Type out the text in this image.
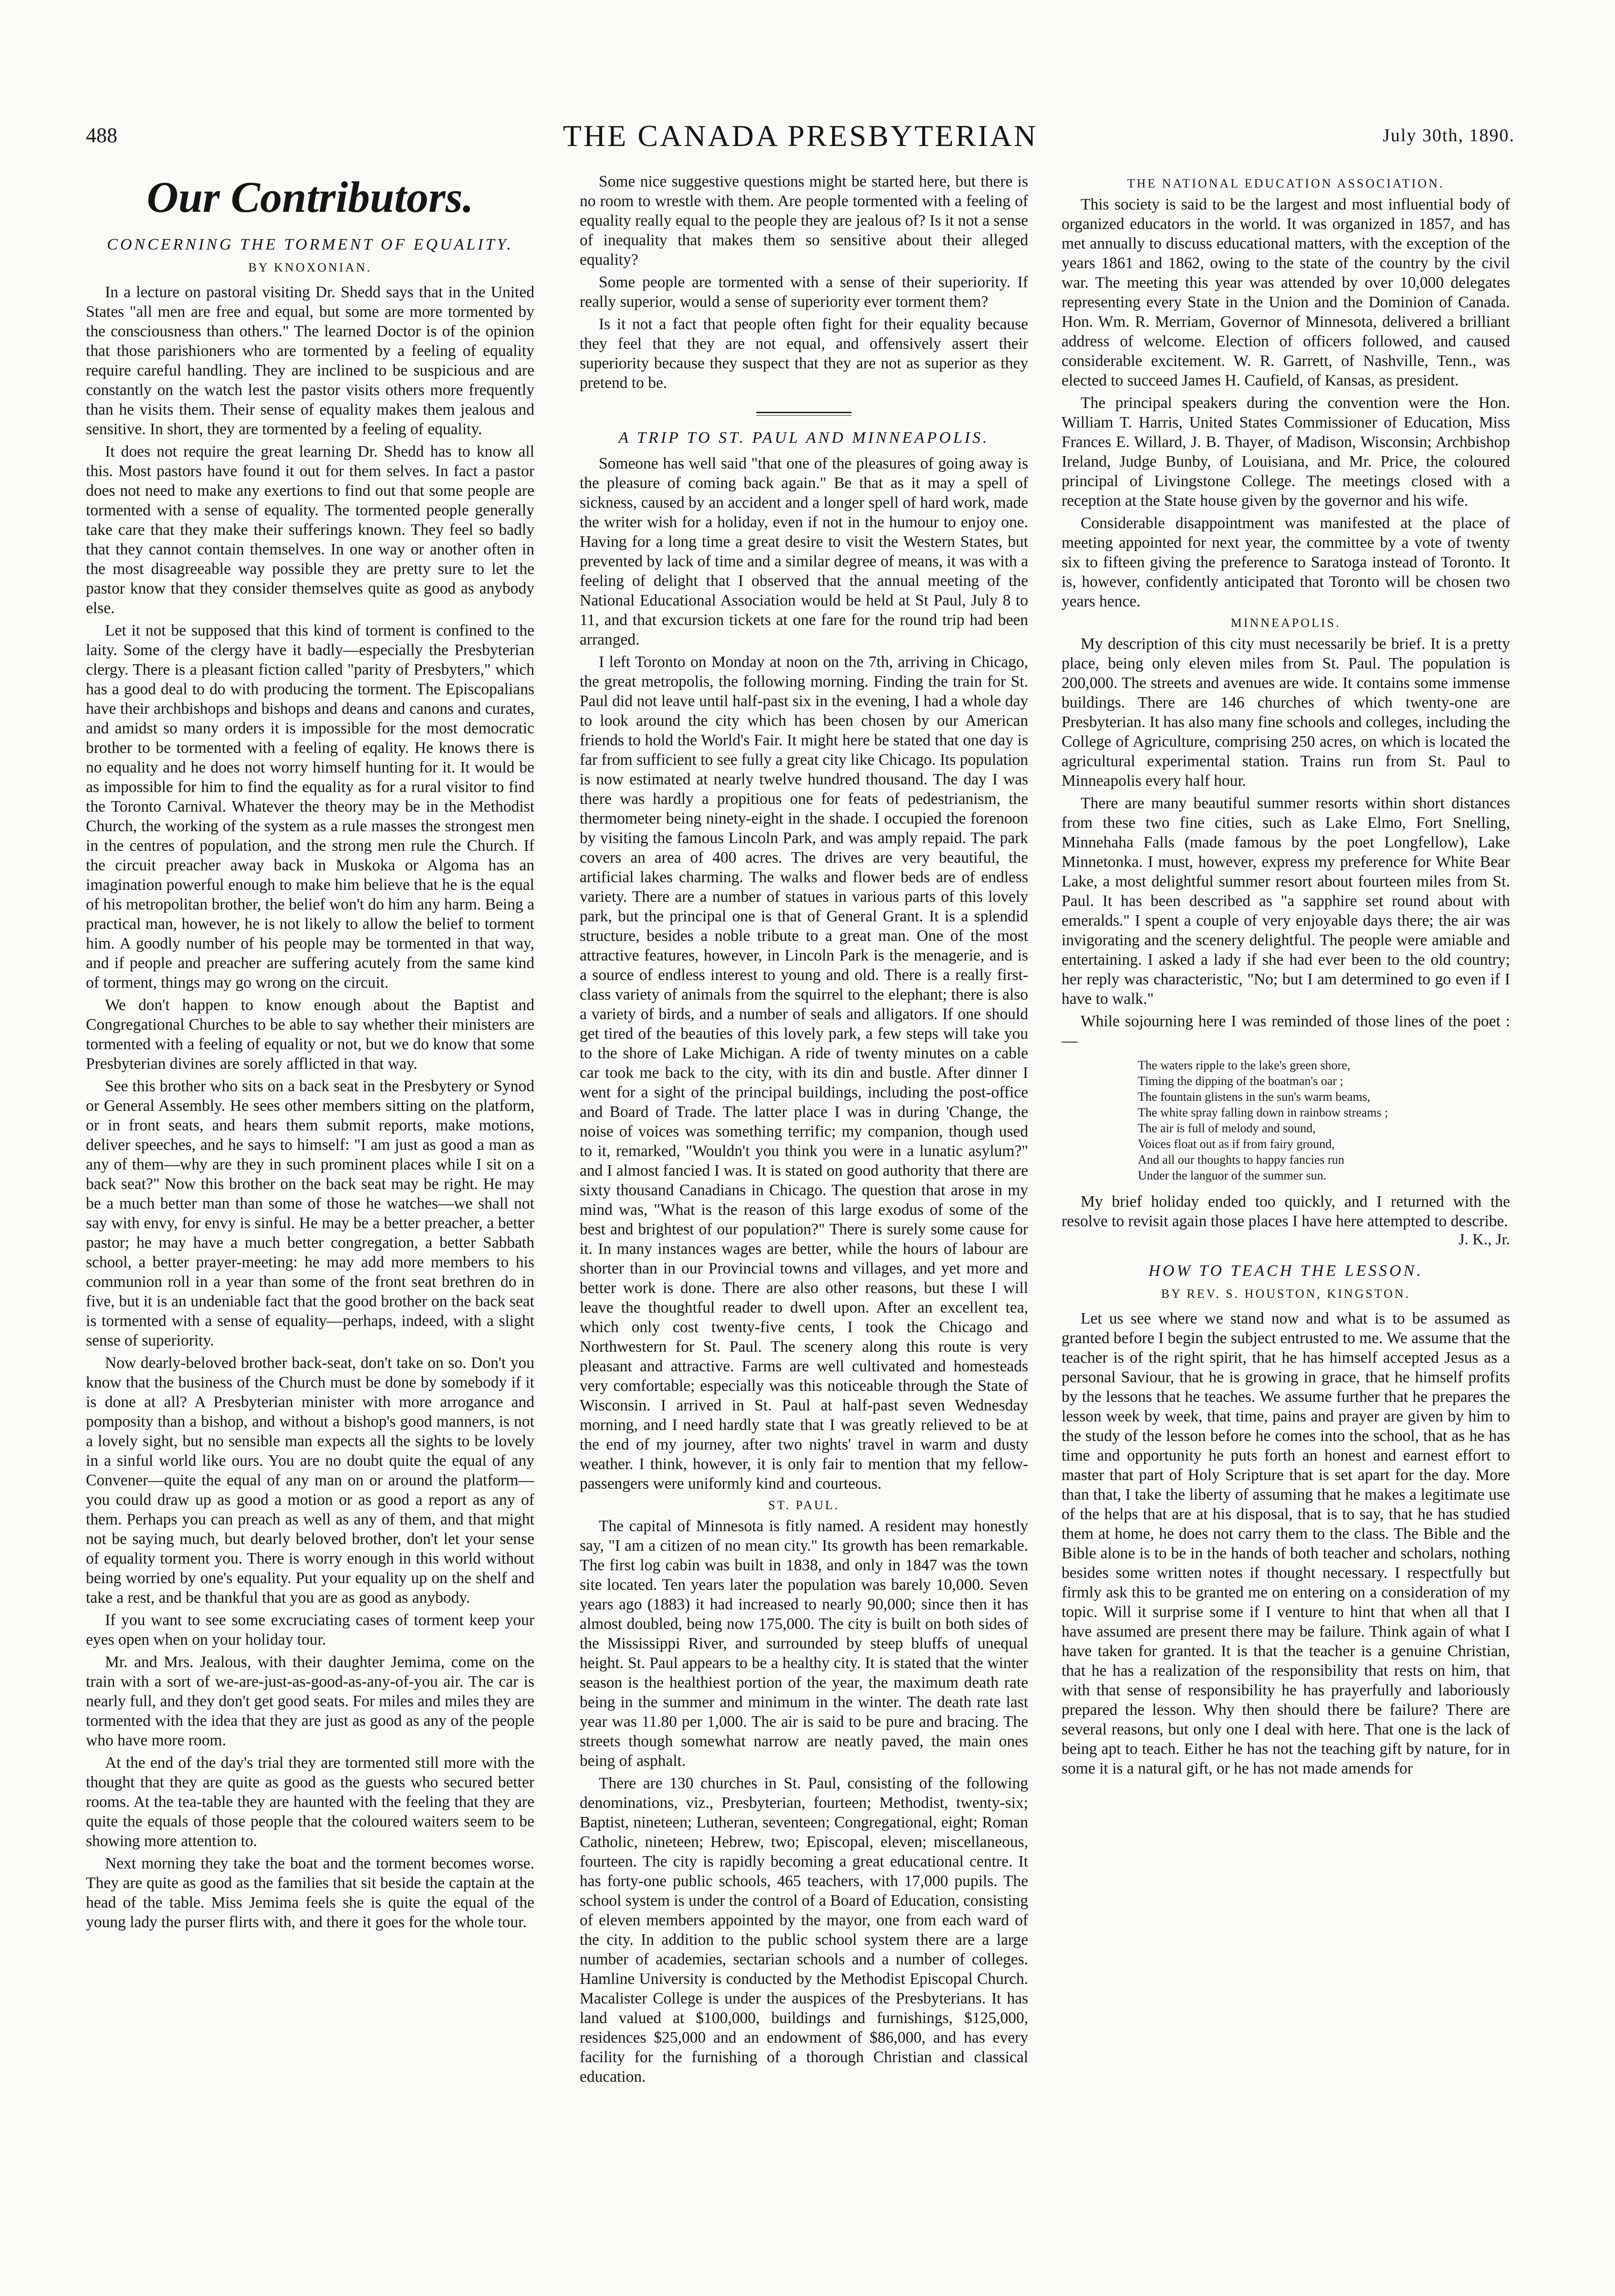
488	THE CANADA PRESBYTERIAN	July 30th, 1890.
Our Contributors.
CONCERNING THE TORMENT OF EQUALITY.
BY KNOXONIAN.

In a lecture on pastoral visiting Dr. Shedd says that in the United States "all men are free and equal, but some are more tormented by the consciousness than others." The learned Doctor is of the opinion that those parishioners who are tormented by a feeling of equality require careful handling. They are inclined to be suspicious and are constantly on the watch lest the pastor visits others more frequently than he visits them. Their sense of equality makes them jealous and sensitive. In short, they are tormented by a feeling of equality.

It does not require the great learning Dr. Shedd has to know all this. Most pastors have found it out for them selves. In fact a pastor does not need to make any exertions to find out that some people are tormented with a sense of equality. The tormented people generally take care that they make their sufferings known. They feel so badly that they cannot contain themselves. In one way or another often in the most disagreeable way possible they are pretty sure to let the pastor know that they consider themselves quite as good as anybody else.

Let it not be supposed that this kind of torment is confined to the laity. Some of the clergy have it badly—especially the Presbyterian clergy. There is a pleasant fiction called "parity of Presbyters," which has a good deal to do with producing the torment. The Episcopalians have their archbishops and bishops and deans and canons and curates, and amidst so many orders it is impossible for the most democratic brother to be tormented with a feeling of eqality. He knows there is no equality and he does not worry himself hunting for it. It would be as impossible for him to find the equality as for a rural visitor to find the Toronto Carnival. Whatever the theory may be in the Methodist Church, the working of the system as a rule masses the strongest men in the centres of population, and the strong men rule the Church. If the circuit preacher away back in Muskoka or Algoma has an imagination powerful enough to make him believe that he is the equal of his metropolitan brother, the belief won't do him any harm. Being a practical man, however, he is not likely to allow the belief to torment him. A goodly number of his people may be tormented in that way, and if people and preacher are suffering acutely from the same kind of torment, things may go wrong on the circuit.

We don't happen to know enough about the Baptist and Congregational Churches to be able to say whether their ministers are tormented with a feeling of equality or not, but we do know that some Presbyterian divines are sorely afflicted in that way.

See this brother who sits on a back seat in the Presbytery or Synod or General Assembly. He sees other members sitting on the platform, or in front seats, and hears them submit reports, make motions, deliver speeches, and he says to himself: "I am just as good a man as any of them—why are they in such prominent places while I sit on a back seat?" Now this brother on the back seat may be right. He may be a much better man than some of those he watches—we shall not say with envy, for envy is sinful. He may be a better preacher, a better pastor; he may have a much better congregation, a better Sabbath school, a better prayer-meeting: he may add more members to his communion roll in a year than some of the front seat brethren do in five, but it is an undeniable fact that the good brother on the back seat is tormented with a sense of equality—perhaps, indeed, with a slight sense of superiority.

Now dearly-beloved brother back-seat, don't take on so. Don't you know that the business of the Church must be done by somebody if it is done at all? A Presbyterian minister with more arrogance and pomposity than a bishop, and without a bishop's good manners, is not a lovely sight, but no sensible man expects all the sights to be lovely in a sinful world like ours. You are no doubt quite the equal of any Convener—quite the equal of any man on or around the platform—you could draw up as good a motion or as good a report as any of them. Perhaps you can preach as well as any of them, and that might not be saying much, but dearly beloved brother, don't let your sense of equality torment you. There is worry enough in this world without being worried by one's equality. Put your equality up on the shelf and take a rest, and be thankful that you are as good as anybody.

If you want to see some excruciating cases of torment keep your eyes open when on your holiday tour.

Mr. and Mrs. Jealous, with their daughter Jemima, come on the train with a sort of we-are-just-as-good-as-any-of-you air. The car is nearly full, and they don't get good seats. For miles and miles they are tormented with the idea that they are just as good as any of the people who have more room.

At the end of the day's trial they are tormented still more with the thought that they are quite as good as the guests who secured better rooms. At the tea-table they are haunted with the feeling that they are quite the equals of those people that the coloured waiters seem to be showing more attention to.

Next morning they take the boat and the torment becomes worse. They are quite as good as the families that sit beside the captain at the head of the table. Miss Jemima feels she is quite the equal of the young lady the purser flirts with, and there it goes for the whole tour.

Some nice suggestive questions might be started here, but there is no room to wrestle with them. Are people tormented with a feeling of equality really equal to the people they are jealous of? Is it not a sense of inequality that makes them so sensitive about their alleged equality?

Some people are tormented with a sense of their superiority. If really superior, would a sense of superiority ever torment them?

Is it not a fact that people often fight for their equality because they feel that they are not equal, and offensively assert their superiority because they suspect that they are not as superior as they pretend to be.

A TRIP TO ST. PAUL AND MINNEAPOLIS.

Someone has well said "that one of the pleasures of going away is the pleasure of coming back again." Be that as it may a spell of sickness, caused by an accident and a longer spell of hard work, made the writer wish for a holiday, even if not in the humour to enjoy one. Having for a long time a great desire to visit the Western States, but prevented by lack of time and a similar degree of means, it was with a feeling of delight that I observed that the annual meeting of the National Educational Association would be held at St Paul, July 8 to 11, and that excursion tickets at one fare for the round trip had been arranged.

I left Toronto on Monday at noon on the 7th, arriving in Chicago, the great metropolis, the following morning. Finding the train for St. Paul did not leave until half-past six in the evening, I had a whole day to look around the city which has been chosen by our American friends to hold the World's Fair. It might here be stated that one day is far from sufficient to see fully a great city like Chicago. Its population is now estimated at nearly twelve hundred thousand. The day I was there was hardly a propitious one for feats of pedestrianism, the thermometer being ninety-eight in the shade. I occupied the forenoon by visiting the famous Lincoln Park, and was amply repaid. The park covers an area of 400 acres. The drives are very beautiful, the artificial lakes charming. The walks and flower beds are of endless variety. There are a number of statues in various parts of this lovely park, but the principal one is that of General Grant. It is a splendid structure, besides a noble tribute to a great man. One of the most attractive features, however, in Lincoln Park is the menagerie, and is a source of endless interest to young and old. There is a really first-class variety of animals from the squirrel to the elephant; there is also a variety of birds, and a number of seals and alligators. If one should get tired of the beauties of this lovely park, a few steps will take you to the shore of Lake Michigan. A ride of twenty minutes on a cable car took me back to the city, with its din and bustle. After dinner I went for a sight of the principal buildings, including the post-office and Board of Trade. The latter place I was in during 'Change, the noise of voices was something terrific; my companion, though used to it, remarked, "Wouldn't you think you were in a lunatic asylum?" and I almost fancied I was. It is stated on good authority that there are sixty thousand Canadians in Chicago. The question that arose in my mind was, "What is the reason of this large exodus of some of the best and brightest of our population?" There is surely some cause for it. In many instances wages are better, while the hours of labour are shorter than in our Provincial towns and villages, and yet more and better work is done. There are also other reasons, but these I will leave the thoughtful reader to dwell upon. After an excellent tea, which only cost twenty-five cents, I took the Chicago and Northwestern for St. Paul. The scenery along this route is very pleasant and attractive. Farms are well cultivated and homesteads very comfortable; especially was this noticeable through the State of Wisconsin. I arrived in St. Paul at half-past seven Wednesday morning, and I need hardly state that I was greatly relieved to be at the end of my journey, after two nights' travel in warm and dusty weather. I think, however, it is only fair to mention that my fellow-passengers were uniformly kind and courteous.

ST. PAUL.

The capital of Minnesota is fitly named. A resident may honestly say, "I am a citizen of no mean city." Its growth has been remarkable. The first log cabin was built in 1838, and only in 1847 was the town site located. Ten years later the population was barely 10,000. Seven years ago (1883) it had increased to nearly 90,000; since then it has almost doubled, being now 175,000. The city is built on both sides of the Mississippi River, and surrounded by steep bluffs of unequal height. St. Paul appears to be a healthy city. It is stated that the winter season is the healthiest portion of the year, the maximum death rate being in the summer and minimum in the winter. The death rate last year was 11.80 per 1,000. The air is said to be pure and bracing. The streets though somewhat narrow are neatly paved, the main ones being of asphalt.

There are 130 churches in St. Paul, consisting of the following denominations, viz., Presbyterian, fourteen; Methodist, twenty-six; Baptist, nineteen; Lutheran, seventeen; Congregational, eight; Roman Catholic, nineteen; Hebrew, two; Episcopal, eleven; miscellaneous, fourteen. The city is rapidly becoming a great educational centre. It has forty-one public schools, 465 teachers, with 17,000 pupils. The school system is under the control of a Board of Education, consisting of eleven members appointed by the mayor, one from each ward of the city. In addition to the public school system there are a large number of academies, sectarian schools and a number of colleges. Hamline University is conducted by the Methodist Episcopal Church. Macalister College is under the auspices of the Presbyterians. It has land valued at $100,000, buildings and furnishings, $125,000, residences $25,000 and an endowment of $86,000, and has every facility for the furnishing of a thorough Christian and classical education.

THE NATIONAL EDUCATION ASSOCIATION.

This society is said to be the largest and most influential body of organized educators in the world. It was organized in 1857, and has met annually to discuss educational matters, with the exception of the years 1861 and 1862, owing to the state of the country by the civil war. The meeting this year was attended by over 10,000 delegates representing every State in the Union and the Dominion of Canada. Hon. Wm. R. Merriam, Governor of Minnesota, delivered a brilliant address of welcome. Election of officers followed, and caused considerable excitement. W. R. Garrett, of Nashville, Tenn., was elected to succeed James H. Caufield, of Kansas, as president.

The principal speakers during the convention were the Hon. William T. Harris, United States Commissioner of Education, Miss Frances E. Willard, J. B. Thayer, of Madison, Wisconsin; Archbishop Ireland, Judge Bunby, of Louisiana, and Mr. Price, the coloured principal of Livingstone College. The meetings closed with a reception at the State house given by the governor and his wife.

Considerable disappointment was manifested at the place of meeting appointed for next year, the committee by a vote of twenty six to fifteen giving the preference to Saratoga instead of Toronto. It is, however, confidently anticipated that Toronto will be chosen two years hence.

MINNEAPOLIS.

My description of this city must necessarily be brief. It is a pretty place, being only eleven miles from St. Paul. The population is 200,000. The streets and avenues are wide. It contains some immense buildings. There are 146 churches of which twenty-one are Presbyterian. It has also many fine schools and colleges, including the College of Agriculture, comprising 250 acres, on which is located the agricultural experimental station. Trains run from St. Paul to Minneapolis every half hour.

There are many beautiful summer resorts within short distances from these two fine cities, such as Lake Elmo, Fort Snelling, Minnehaha Falls (made famous by the poet Longfellow), Lake Minnetonka. I must, however, express my preference for White Bear Lake, a most delightful summer resort about fourteen miles from St. Paul. It has been described as "a sapphire set round about with emeralds." I spent a couple of very enjoyable days there; the air was invigorating and the scenery delightful. The people were amiable and entertaining. I asked a lady if she had ever been to the old country; her reply was characteristic, "No; but I am determined to go even if I have to walk."

While sojourning here I was reminded of those lines of the poet :—

The waters ripple to the lake's green shore,
Timing the dipping of the boatman's oar ;
The fountain glistens in the sun's warm beams,
The white spray falling down in rainbow streams ;
The air is full of melody and sound,
Voices float out as if from fairy ground,
And all our thoughts to happy fancies run
Under the languor of the summer sun.

My brief holiday ended too quickly, and I returned with the resolve to revisit again those places I have here attempted to describe.

J. K., Jr.
HOW TO TEACH THE LESSON.
BY REV. S. HOUSTON, KINGSTON.

Let us see where we stand now and what is to be assumed as granted before I begin the subject entrusted to me. We assume that the teacher is of the right spirit, that he has himself accepted Jesus as a personal Saviour, that he is growing in grace, that he himself profits by the lessons that he teaches. We assume further that he prepares the lesson week by week, that time, pains and prayer are given by him to the study of the lesson before he comes into the school, that as he has time and opportunity he puts forth an honest and earnest effort to master that part of Holy Scripture that is set apart for the day. More than that, I take the liberty of assuming that he makes a legitimate use of the helps that are at his disposal, that is to say, that he has studied them at home, he does not carry them to the class. The Bible and the Bible alone is to be in the hands of both teacher and scholars, nothing besides some written notes if thought necessary. I respectfully but firmly ask this to be granted me on entering on a consideration of my topic. Will it surprise some if I venture to hint that when all that I have assumed are present there may be failure. Think again of what I have taken for granted. It is that the teacher is a genuine Christian, that he has a realization of the responsibility that rests on him, that with that sense of responsibility he has prayerfully and laboriously prepared the lesson. Why then should there be failure? There are several reasons, but only one I deal with here. That one is the lack of being apt to teach. Either he has not the teaching gift by nature, for in some it is a natural gift, or he has not made amends for
